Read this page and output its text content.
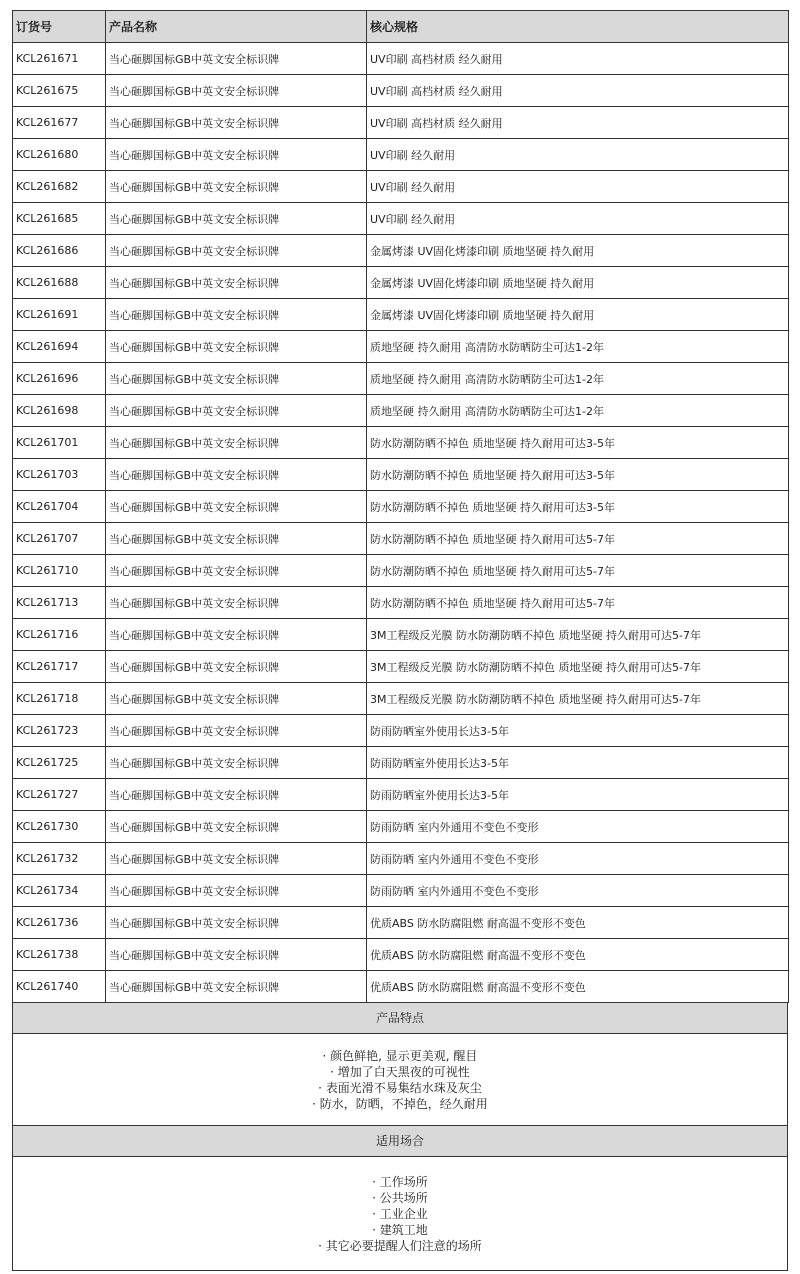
订货号	产品名称	核心规格
KCL261671	当心砸脚国标GB中英文安全标识牌	UV印刷 高档材质 经久耐用
KCL261675	当心砸脚国标GB中英文安全标识牌	UV印刷 高档材质 经久耐用
KCL261677	当心砸脚国标GB中英文安全标识牌	UV印刷 高档材质 经久耐用
KCL261680	当心砸脚国标GB中英文安全标识牌	UV印刷 经久耐用
KCL261682	当心砸脚国标GB中英文安全标识牌	UV印刷 经久耐用
KCL261685	当心砸脚国标GB中英文安全标识牌	UV印刷 经久耐用
KCL261686	当心砸脚国标GB中英文安全标识牌	金属烤漆 UV固化烤漆印刷 质地坚硬 持久耐用
KCL261688	当心砸脚国标GB中英文安全标识牌	金属烤漆 UV固化烤漆印刷 质地坚硬 持久耐用
KCL261691	当心砸脚国标GB中英文安全标识牌	金属烤漆 UV固化烤漆印刷 质地坚硬 持久耐用
KCL261694	当心砸脚国标GB中英文安全标识牌	质地坚硬 持久耐用 高清防水防晒防尘可达1-2年
KCL261696	当心砸脚国标GB中英文安全标识牌	质地坚硬 持久耐用 高清防水防晒防尘可达1-2年
KCL261698	当心砸脚国标GB中英文安全标识牌	质地坚硬 持久耐用 高清防水防晒防尘可达1-2年
KCL261701	当心砸脚国标GB中英文安全标识牌	防水防潮防晒不掉色 质地坚硬 持久耐用可达3-5年
KCL261703	当心砸脚国标GB中英文安全标识牌	防水防潮防晒不掉色 质地坚硬 持久耐用可达3-5年
KCL261704	当心砸脚国标GB中英文安全标识牌	防水防潮防晒不掉色 质地坚硬 持久耐用可达3-5年
KCL261707	当心砸脚国标GB中英文安全标识牌	防水防潮防晒不掉色 质地坚硬 持久耐用可达5-7年
KCL261710	当心砸脚国标GB中英文安全标识牌	防水防潮防晒不掉色 质地坚硬 持久耐用可达5-7年
KCL261713	当心砸脚国标GB中英文安全标识牌	防水防潮防晒不掉色 质地坚硬 持久耐用可达5-7年
KCL261716	当心砸脚国标GB中英文安全标识牌	3M工程级反光膜 防水防潮防晒不掉色 质地坚硬 持久耐用可达5-7年
KCL261717	当心砸脚国标GB中英文安全标识牌	3M工程级反光膜 防水防潮防晒不掉色 质地坚硬 持久耐用可达5-7年
KCL261718	当心砸脚国标GB中英文安全标识牌	3M工程级反光膜 防水防潮防晒不掉色 质地坚硬 持久耐用可达5-7年
KCL261723	当心砸脚国标GB中英文安全标识牌	防雨防晒室外使用长达3-5年
KCL261725	当心砸脚国标GB中英文安全标识牌	防雨防晒室外使用长达3-5年
KCL261727	当心砸脚国标GB中英文安全标识牌	防雨防晒室外使用长达3-5年
KCL261730	当心砸脚国标GB中英文安全标识牌	防雨防晒 室内外通用不变色不变形
KCL261732	当心砸脚国标GB中英文安全标识牌	防雨防晒 室内外通用不变色不变形
KCL261734	当心砸脚国标GB中英文安全标识牌	防雨防晒 室内外通用不变色不变形
KCL261736	当心砸脚国标GB中英文安全标识牌	优质ABS 防水防腐阻燃 耐高温不变形不变色
KCL261738	当心砸脚国标GB中英文安全标识牌	优质ABS 防水防腐阻燃 耐高温不变形不变色
KCL261740	当心砸脚国标GB中英文安全标识牌	优质ABS 防水防腐阻燃 耐高温不变形不变色
产品特点
· 颜色鲜艳, 显示更美观, 醒目
· 增加了白天黑夜的可视性
· 表面光滑不易集结水珠及灰尘
· 防水，防晒，不掉色，经久耐用
适用场合
· 工作场所
· 公共场所
· 工业企业
· 建筑工地
· 其它必要提醒人们注意的场所
